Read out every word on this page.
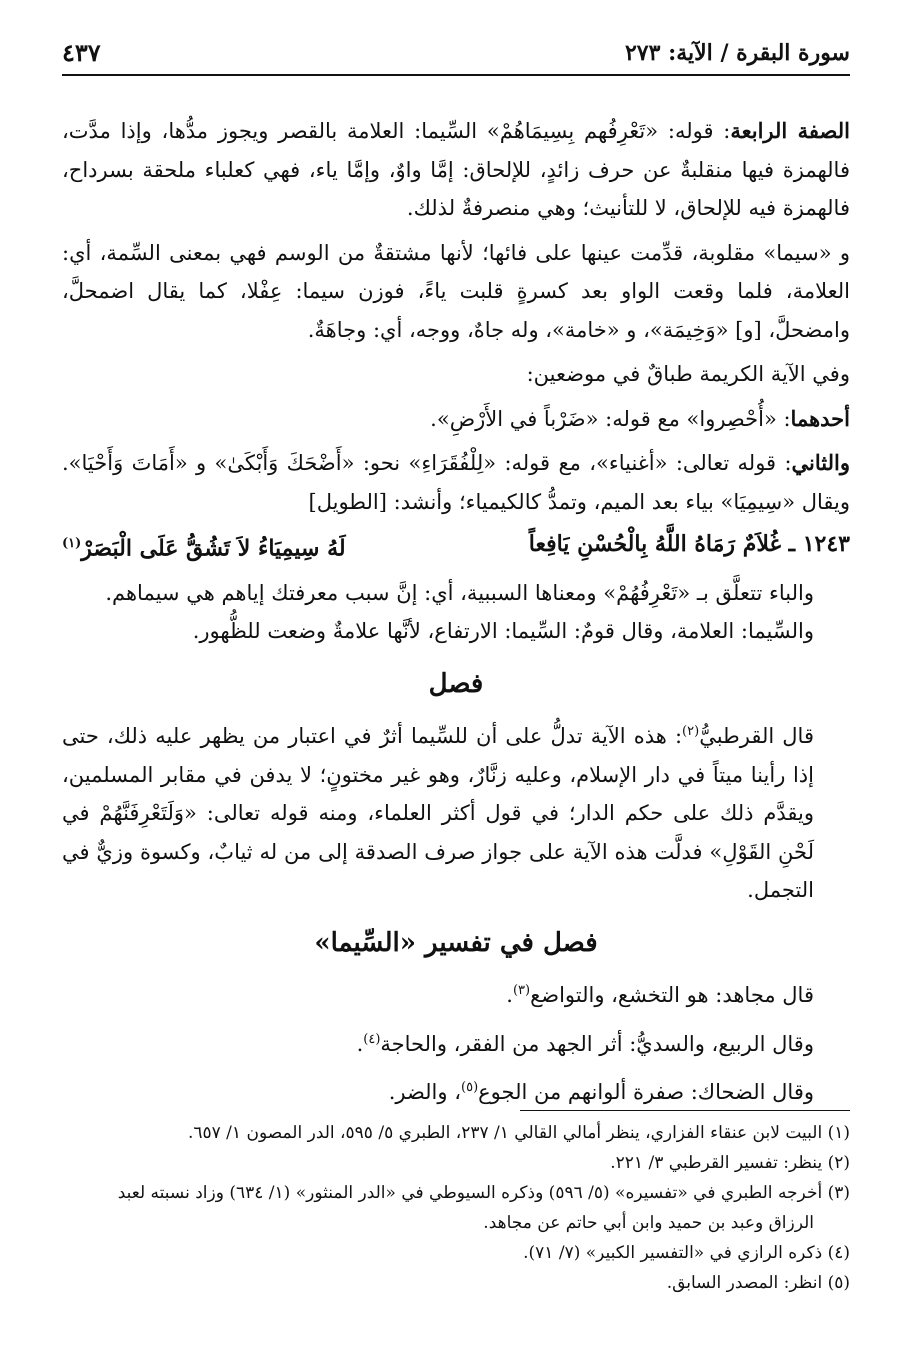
سورة البقرة / الآية: ٢٧٣
٤٣٧

الصفة الرابعة: قوله: «تَعْرِفُهم بِسِيمَاهُمْ» السِّيما: العلامة بالقصر ويجوز مدُّها، وإذا مدَّت، فالهمزة فيها منقلبةٌ عن حرف زائدٍ، للإلحاق: إمَّا واوٌ، وإمَّا ياء، فهي كعلباء ملحقة بسرداح، فالهمزة فيه للإلحاق، لا للتأنيث؛ وهي منصرفةٌ لذلك.

و «سيما» مقلوبة، قدِّمت عينها على فائها؛ لأنها مشتقةٌ من الوسم فهي بمعنى السِّمة، أي: العلامة، فلما وقعت الواو بعد كسرةٍ قلبت ياءً، فوزن سيما: عِفْلا، كما يقال اضمحلَّ، وامضحلَّ، [و] «وَخِيمَة»، و «خامة»، وله جاهٌ، ووجه، أي: وجاهَةٌ.

وفي الآية الكريمة طباقٌ في موضعين:

أحدهما: «أُحْصِروا» مع قوله: «ضَرْباً في الأَرْضِ».

والثاني: قوله تعالى: «أغنياء»، مع قوله: «لِلْفُقَرَاءِ» نحو: «أَضْحَكَ وَأَبْكَىٰ» و «أَمَاتَ وَأَحْيَا». ويقال «سِيمِيَا» بياء بعد الميم، وتمدُّ كالكيمياء؛ وأنشد: [الطويل]

١٢٤٣ ـ غُلاَمٌ رَمَاهُ اللَّهُ بِالْحُسْنِ يَافِعاً
لَهُ سِيمِيَاءُ لاَ تَشُقُّ عَلَى الْبَصَرْ$^{(١)}$

والباء تتعلَّق بـ «تَعْرِفُهُمْ» ومعناها السببية، أي: إنَّ سبب معرفتك إياهم هي سيماهم.

والسِّيما: العلامة، وقال قومٌ: السِّيما: الارتفاع، لأنَّها علامةٌ وضعت للظُّهور.

فصل

قال القرطبيُّ$^{(٢)}$: هذه الآية تدلُّ على أن للسِّيما أثرٌ في اعتبار من يظهر عليه ذلك، حتى إذا رأينا ميتاً في دار الإسلام، وعليه زنَّارٌ، وهو غير مختونٍ؛ لا يدفن في مقابر المسلمين، ويقدَّم ذلك على حكم الدار؛ في قول أكثر العلماء، ومنه قوله تعالى: «وَلَتَعْرِفَنَّهُمْ في لَحْنِ القَوْلِ» فدلَّت هذه الآية على جواز صرف الصدقة إلى من له ثيابٌ، وكسوة وزيٌّ في التجمل.

فصل في تفسير «السِّيما»

قال مجاهد: هو التخشع، والتواضع$^{(٣)}$.

وقال الربيع، والسديُّ: أثر الجهد من الفقر، والحاجة$^{(٤)}$.

وقال الضحاك: صفرة ألوانهم من الجوع$^{(٥)}$، والضر.

(١) البيت لابن عنقاء الفزاري، ينظر أمالي القالي ١/ ٢٣٧، الطبري ٥/ ٥٩٥، الدر المصون ١/ ٦٥٧.

(٢) ينظر: تفسير القرطبي ٣/ ٢٢١.

(٣) أخرجه الطبري في «تفسيره» (٥/ ٥٩٦) وذكره السيوطي في «الدر المنثور» (١/ ٦٣٤) وزاد نسبته لعبد

الرزاق وعبد بن حميد وابن أبي حاتم عن مجاهد.

(٤) ذكره الرازي في «التفسير الكبير» (٧/ ٧١).

(٥) انظر: المصدر السابق.
